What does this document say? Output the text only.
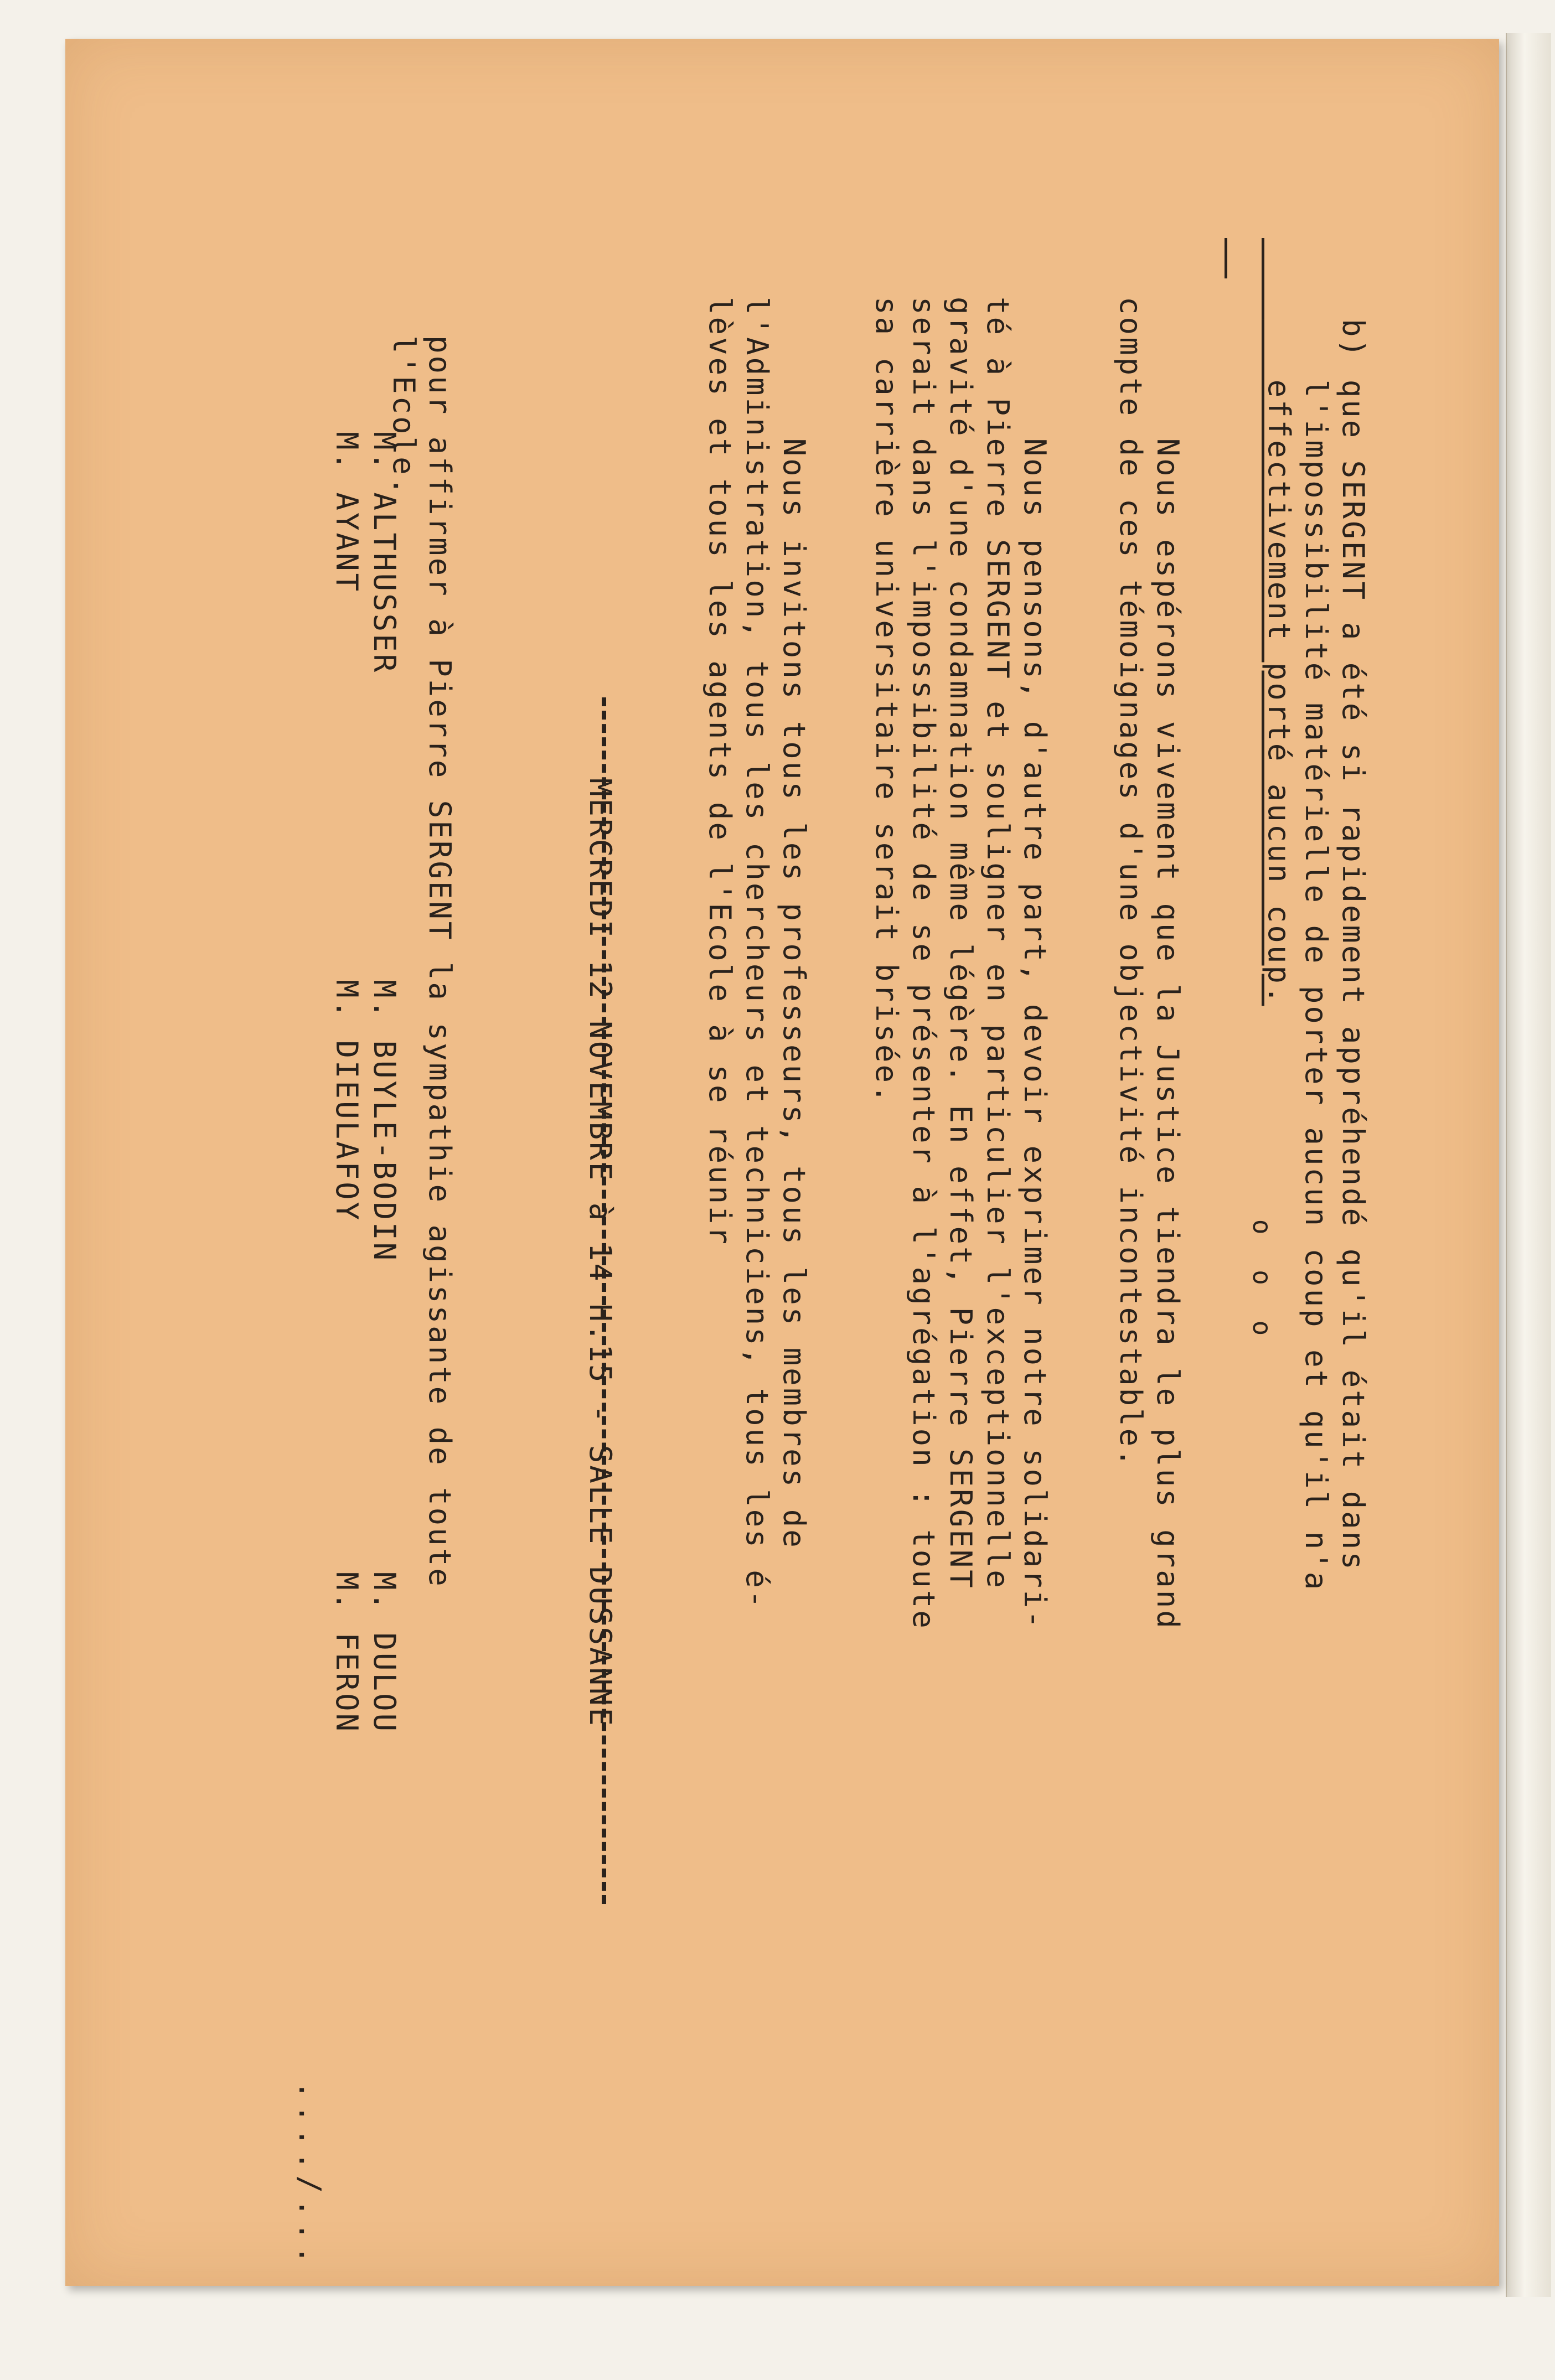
b) que SERGENT a été si rapidement appréhendé qu'il était dans

l'impossibilité matérielle de porter aucun coup et qu'il n'a

effectivement porté aucun coup.

o o o

Nous espérons vivement que la Justice tiendra le plus grand

compte de ces témoignages d'une objectivité incontestable.

Nous pensons, d'autre part, devoir exprimer notre solidari-

té à Pierre SERGENT et souligner en particulier l'exceptionnelle

gravité d'une condamnation même légère. En effet, Pierre SERGENT

serait dans l'impossibilité de se présenter à l'agrégation : toute

sa carrière universitaire serait brisée.

Nous invitons tous les professeurs, tous les membres de

l'Administration, tous les chercheurs et techniciens, tous les é-

lèves et tous les agents de l'Ecole à se réunir

MERCREDI 12 NOVEMBRE à 14 H.15 - SALLE DUSSANNE

pour affirmer à Pierre SERGENT la sympathie agissante de toute

l'Ecole.

M. ALTHUSSER
M. BUYLE-BODIN
M. DULOU
M. AYANT
M. DIEULAFOY
M. FERON

..../...
